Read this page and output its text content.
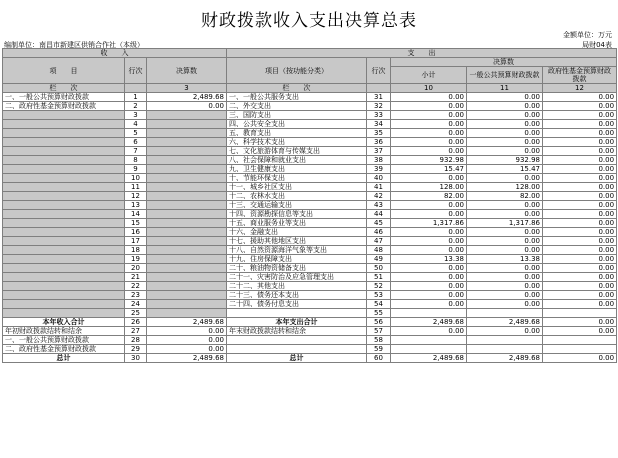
财政拨款收入支出决算总表
金额单位：万元
局财04表
编制单位：南昌市新建区供销合作社（本级）
收　　入			支　　出				
项　　目	行次	决算数	项目（按功能分类）	行次	决算数		
					小计	一般公共预算财政拨款	政府性基金预算财政拨款

栏　　次		3	栏　　次		10	11	12
一、一般公共预算财政拨款	1	2,489.68	一、一般公共服务支出	31	0.00	0.00	0.00
二、政府性基金预算财政拨款	2	0.00	二、外交支出	32	0.00	0.00	0.00
	3		三、国防支出	33	0.00	0.00	0.00
	4		四、公共安全支出	34	0.00	0.00	0.00
	5		五、教育支出	35	0.00	0.00	0.00
	6		六、科学技术支出	36	0.00	0.00	0.00
	7		七、文化旅游体育与传媒支出	37	0.00	0.00	0.00
	8		八、社会保障和就业支出	38	932.98	932.98	0.00
	9		九、卫生健康支出	39	15.47	15.47	0.00
	10		十、节能环保支出	40	0.00	0.00	0.00
	11		十一、城乡社区支出	41	128.00	128.00	0.00
	12		十二、农林水支出	42	82.00	82.00	0.00
	13		十三、交通运输支出	43	0.00	0.00	0.00
	14		十四、资源勘探信息等支出	44	0.00	0.00	0.00
	15		十五、商业服务业等支出	45	1,317.86	1,317.86	0.00
	16		十六、金融支出	46	0.00	0.00	0.00
	17		十七、援助其他地区支出	47	0.00	0.00	0.00
	18		十八、自然资源海洋气象等支出	48	0.00	0.00	0.00
	19		十九、住房保障支出	49	13.38	13.38	0.00
	20		二十、粮油物资储备支出	50	0.00	0.00	0.00
	21		二十一、灾害防治及应急管理支出	51	0.00	0.00	0.00
	22		二十二、其他支出	52	0.00	0.00	0.00
	23		二十三、债务还本支出	53	0.00	0.00	0.00
	24		二十四、债务付息支出	54	0.00	0.00	0.00
	25			55			
本年收入合计	26	2,489.68	本年支出合计	56	2,489.68	2,489.68	0.00
年初财政拨款结转和结余	27	0.00	年末财政拨款结转和结余	57	0.00	0.00	0.00
一、一般公共预算财政拨款	28	0.00		58			
二、政府性基金预算财政拨款	29	0.00		59			
总计	30	2,489.68	总计	60	2,489.68	2,489.68	0.00
